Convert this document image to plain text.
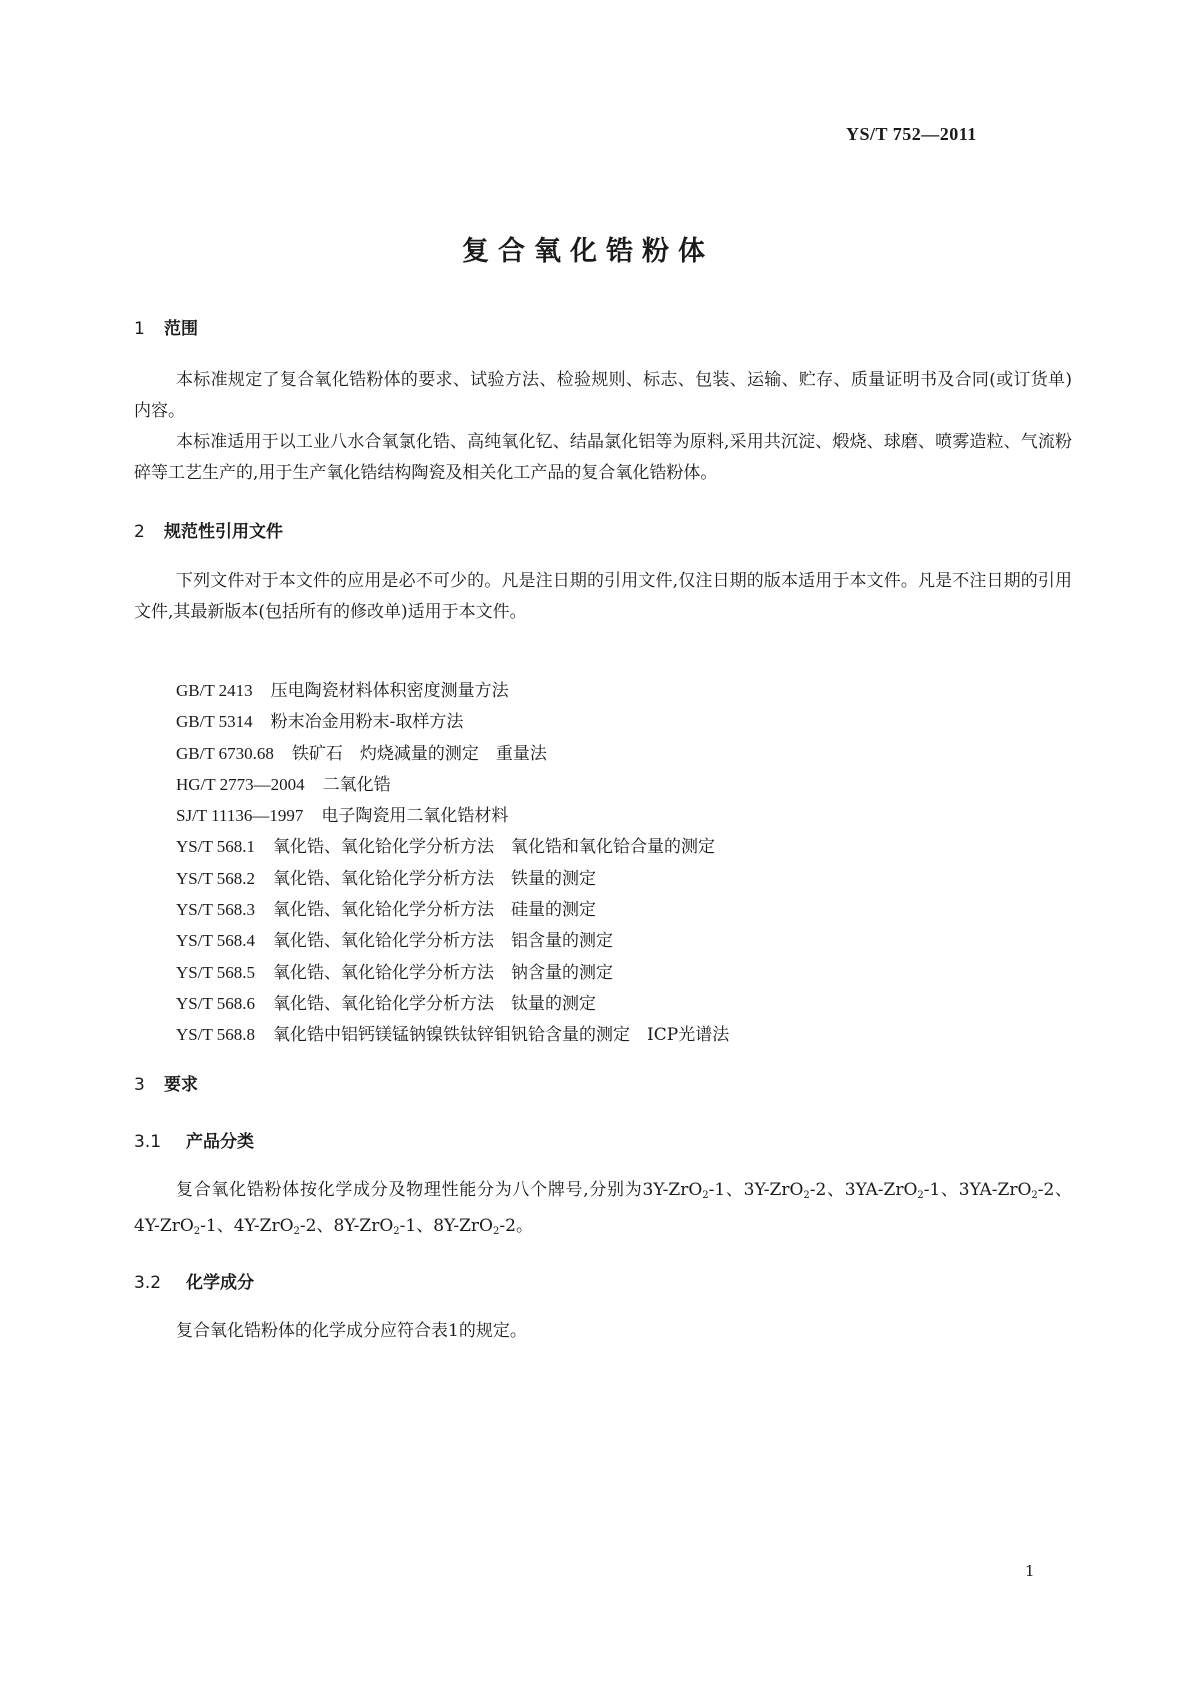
YS/T 752—2011
复合氧化锆粉体
1 范围
本标准规定了复合氧化锆粉体的要求、试验方法、检验规则、标志、包装、运输、贮存、质量证明书及合同(或订货单)内容。
本标准适用于以工业八水合氧氯化锆、高纯氧化钇、结晶氯化铝等为原料,采用共沉淀、煅烧、球磨、喷雾造粒、气流粉碎等工艺生产的,用于生产氧化锆结构陶瓷及相关化工产品的复合氧化锆粉体。
2 规范性引用文件
下列文件对于本文件的应用是必不可少的。凡是注日期的引用文件,仅注日期的版本适用于本文件。凡是不注日期的引用文件,其最新版本(包括所有的修改单)适用于本文件。
GB/T 2413 压电陶瓷材料体积密度测量方法
GB/T 5314 粉末冶金用粉末-取样方法
GB/T 6730.68 铁矿石　灼烧减量的测定　重量法
HG/T 2773—2004 二氧化锆
SJ/T 11136—1997 电子陶瓷用二氧化锆材料
YS/T 568.1 氧化锆、氧化铪化学分析方法　氧化锆和氧化铪合量的测定
YS/T 568.2 氧化锆、氧化铪化学分析方法　铁量的测定
YS/T 568.3 氧化锆、氧化铪化学分析方法　硅量的测定
YS/T 568.4 氧化锆、氧化铪化学分析方法　铝含量的测定
YS/T 568.5 氧化锆、氧化铪化学分析方法　钠含量的测定
YS/T 568.6 氧化锆、氧化铪化学分析方法　钛量的测定
YS/T 568.8 氧化锆中铝钙镁锰钠镍铁钛锌钼钒铪含量的测定　ICP光谱法
3 要求
3.1 产品分类
复合氧化锆粉体按化学成分及物理性能分为八个牌号,分别为3Y-ZrO$_2$-1、3Y-ZrO$_2$-2、3YA-ZrO$_2$-1、3YA-ZrO$_2$-2、4Y-ZrO$_2$-1、4Y-ZrO$_2$-2、8Y-ZrO$_2$-1、8Y-ZrO$_2$-2。
3.2 化学成分
复合氧化锆粉体的化学成分应符合表1的规定。
1
